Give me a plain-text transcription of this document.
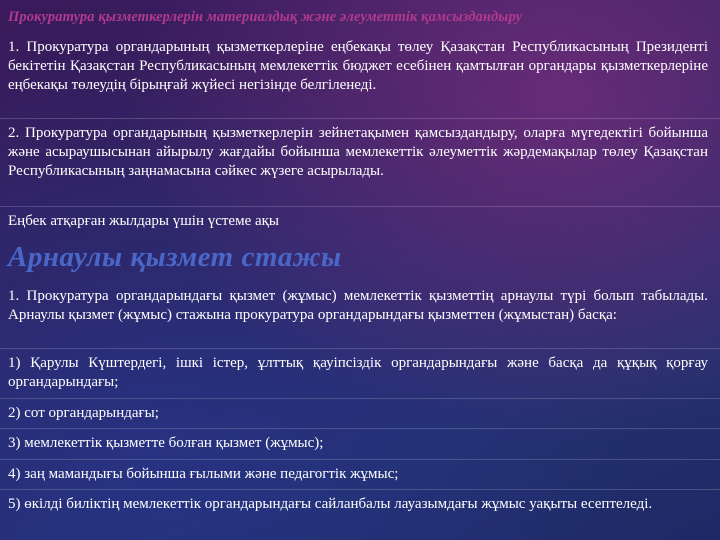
Прокуратура қызметкерлерін материалдық және әлеуметтік қамсыздандыру

1. Прокуратура органдарының қызметкерлеріне еңбекақы төлеу Қазақстан Республикасының Президенті бекітетін Қазақстан Республикасының мемлекеттік бюджет есебінен қамтылған органдары қызметкерлеріне еңбекақы төлеудің бірыңғай жүйесі негізінде белгіленеді.

2. Прокуратура органдарының қызметкерлерін зейнетақымен қамсыздандыру, оларға мүгедектігі бойынша және асыраушысынан айырылу жағдайы бойынша мемлекеттік әлеуметтік жәрдемақылар төлеу Қазақстан Республикасының заңнамасына сәйкес жүзеге асырылады.

Еңбек атқарған жылдары үшін үстеме ақы

Арнаулы қызмет стажы

1. Прокуратура органдарындағы қызмет (жұмыс) мемлекеттік қызметтің арнаулы түрі болып табылады. Арнаулы қызмет (жұмыс) стажына прокуратура органдарындағы қызметтен (жұмыстан) басқа:

1) Қарулы Күштердегі, ішкі істер, ұлттық қауіпсіздік органдарындағы және басқа да құқық қорғау органдарындағы;

2) сот органдарындағы;

3) мемлекеттік қызметте болған қызмет (жұмыс);

4) заң мамандығы бойынша ғылыми және педагогтік жұмыс;

5) өкілді биліктің мемлекеттік органдарындағы сайланбалы лауазымдағы жұмыс уақыты есептеледі.
